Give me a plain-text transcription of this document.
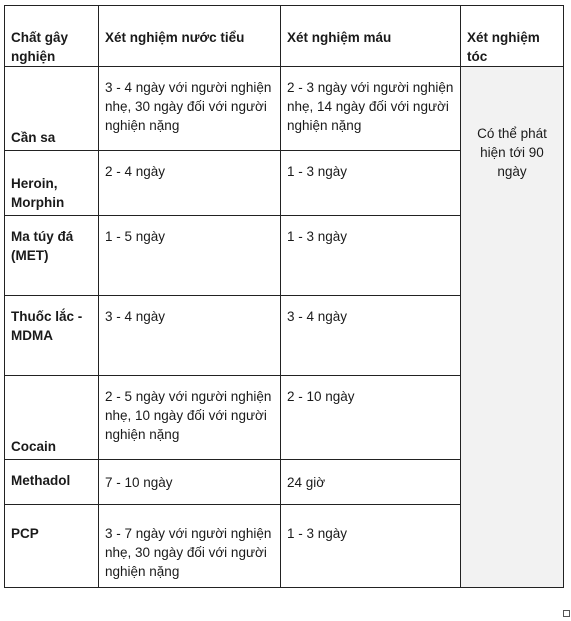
Chất gây nghiện	Xét nghiệm nước tiểu	Xét nghiệm máu	Xét nghiệm tóc
Cần sa	3 - 4 ngày với người nghiện nhẹ, 30 ngày đối với người nghiện nặng	2 - 3 ngày với người nghiện nhẹ, 14 ngày đối với người nghiện nặng	Có thể phát hiện tới 90 ngày

Heroin, Morphin	2 - 4 ngày	1 - 3 ngày	
Ma túy đá (MET)	1 - 5 ngày	1 - 3 ngày	
Thuốc lắc - MDMA	3 - 4 ngày	3 - 4 ngày	
Cocain	2 - 5 ngày với người nghiện nhẹ, 10 ngày đối với người nghiện nặng	2 - 10 ngày	
Methadol	7 - 10 ngày	24 giờ	
PCP	3 - 7 ngày với người nghiện nhẹ, 30 ngày đối với người nghiện nặng	1 - 3 ngày	
